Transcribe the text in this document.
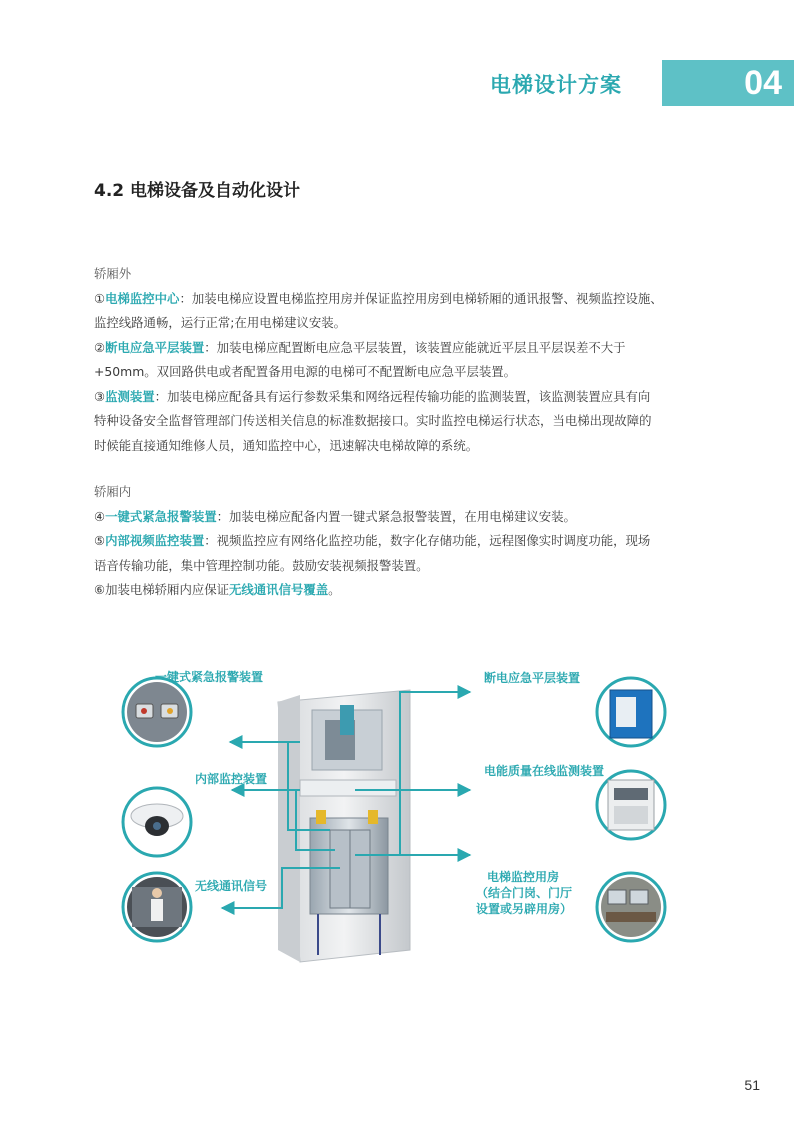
电梯设计方案	04
4.2 电梯设备及自动化设计

轿厢外

①电梯监控中心：加装电梯应设置电梯监控用房并保证监控用房到电梯轿厢的通讯报警、视频监控设施、

监控线路通畅，运行正常;在用电梯建议安装。

②断电应急平层装置：加装电梯应配置断电应急平层装置，该装置应能就近平层且平层误差不大于

+50mm。双回路供电或者配置备用电源的电梯可不配置断电应急平层装置。

③监测装置：加装电梯应配备具有运行参数采集和网络远程传输功能的监测装置，该监测装置应具有向

特种设备安全监督管理部门传送相关信息的标准数据接口。实时监控电梯运行状态，当电梯出现故障的

时候能直接通知维修人员，通知监控中心，迅速解决电梯故障的系统。

轿厢内

④一键式紧急报警装置：加装电梯应配备内置一键式紧急报警装置，在用电梯建议安装。

⑤内部视频监控装置：视频监控应有网络化监控功能，数字化存储功能，远程图像实时调度功能，现场

语音传输功能，集中管理控制功能。鼓励安装视频报警装置。

⑥加装电梯轿厢内应保证无线通讯信号覆盖。

一键式紧急报警装置
内部监控装置
无线通讯信号
断电应急平层装置
电能质量在线监测装置
电梯监控用房
（结合门岗、门厅
设置或另辟用房）
51
